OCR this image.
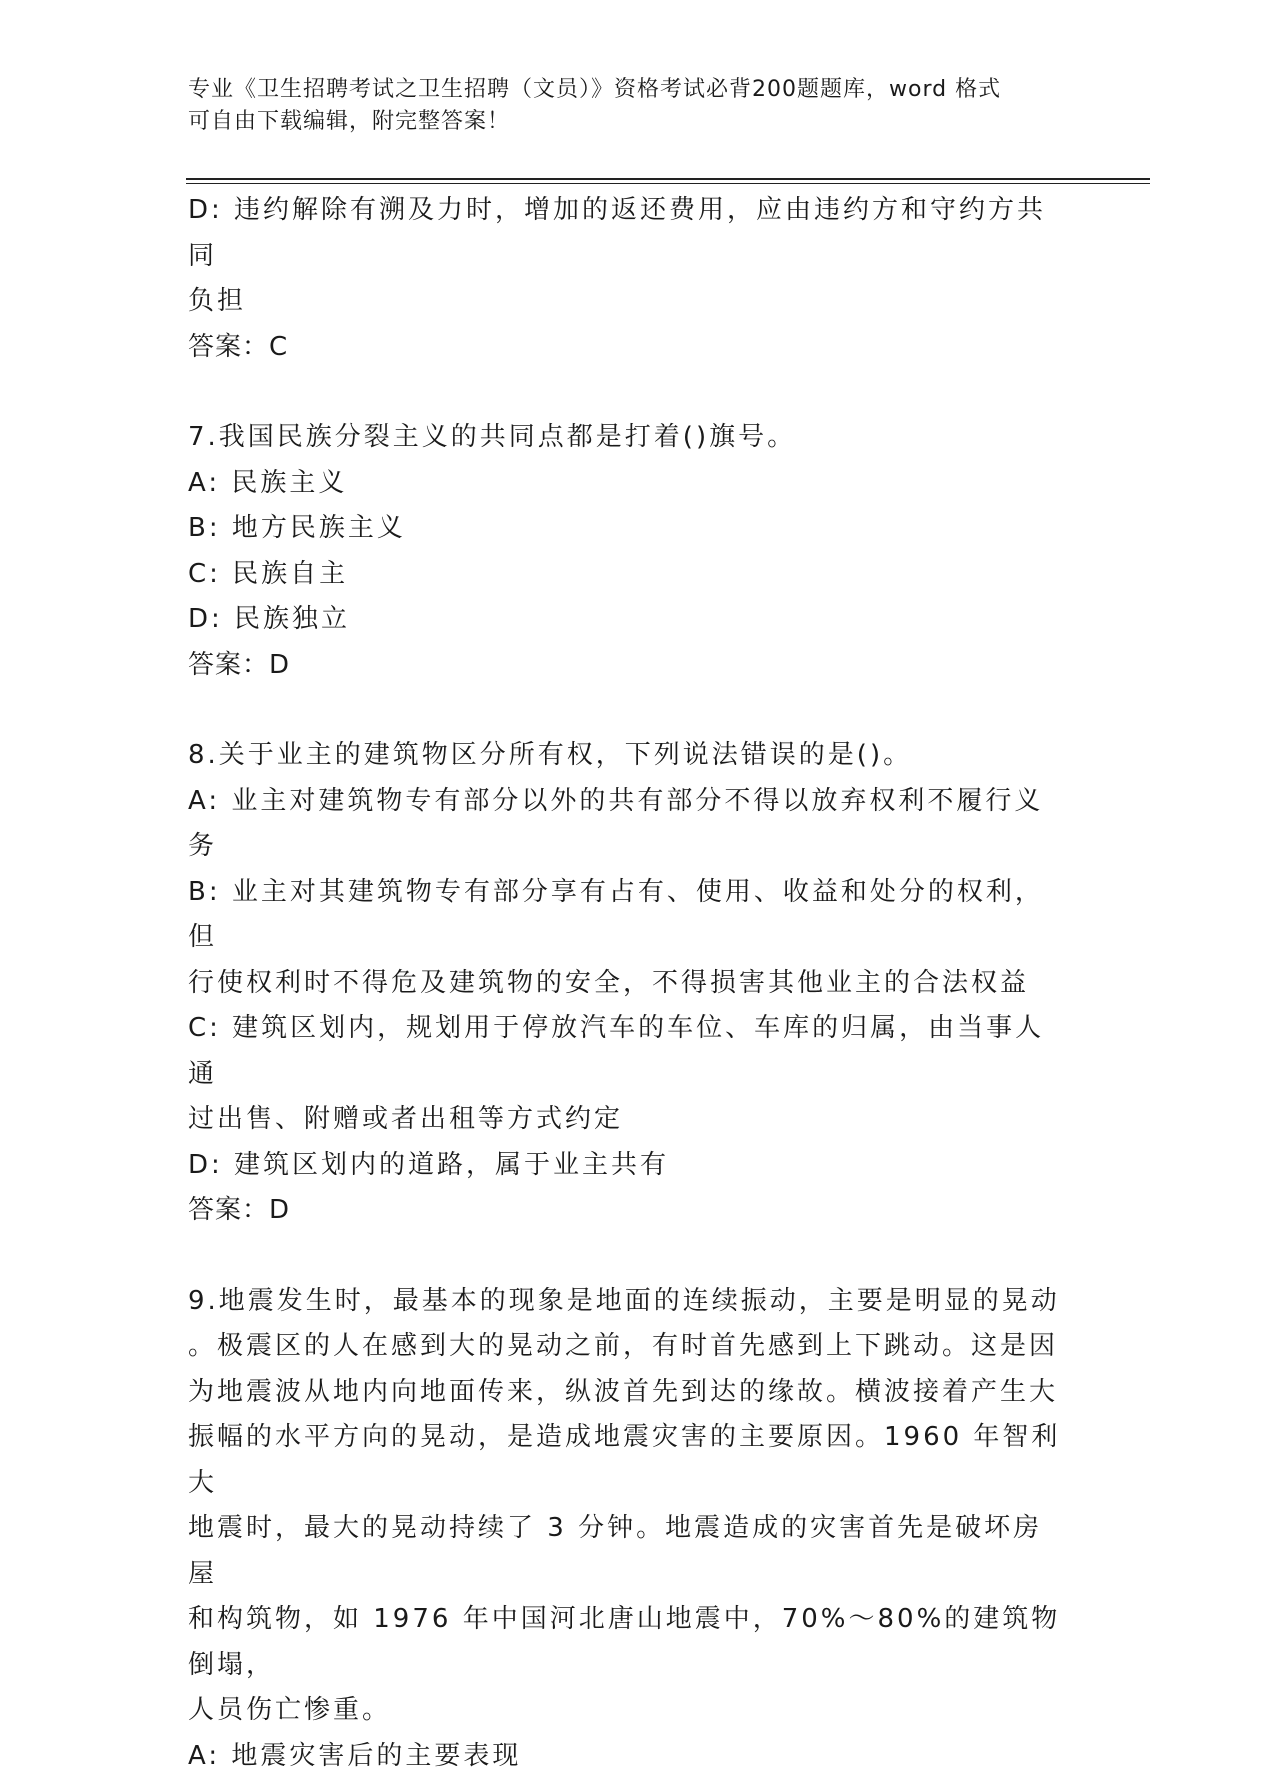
专业《卫生招聘考试之卫生招聘（文员）》资格考试必背200题题库，word 格式
可自由下载编辑，附完整答案！
D: 违约解除有溯及力时，增加的返还费用，应由违约方和守约方共同
负担
答案：C
7.我国民族分裂主义的共同点都是打着()旗号。
A: 民族主义
B: 地方民族主义
C: 民族自主
D: 民族独立
答案：D
8.关于业主的建筑物区分所有权，下列说法错误的是()。
A: 业主对建筑物专有部分以外的共有部分不得以放弃权利不履行义务
B: 业主对其建筑物专有部分享有占有、使用、收益和处分的权利，但
行使权利时不得危及建筑物的安全，不得损害其他业主的合法权益
C: 建筑区划内，规划用于停放汽车的车位、车库的归属，由当事人通
过出售、附赠或者出租等方式约定
D: 建筑区划内的道路，属于业主共有
答案：D
9.地震发生时，最基本的现象是地面的连续振动，主要是明显的晃动
。极震区的人在感到大的晃动之前，有时首先感到上下跳动。这是因
为地震波从地内向地面传来，纵波首先到达的缘故。横波接着产生大
振幅的水平方向的晃动，是造成地震灾害的主要原因。1960 年智利大
地震时，最大的晃动持续了 3 分钟。地震造成的灾害首先是破坏房屋
和构筑物，如 1976 年中国河北唐山地震中，70%～80%的建筑物倒塌，
人员伤亡惨重。
A: 地震灾害后的主要表现
